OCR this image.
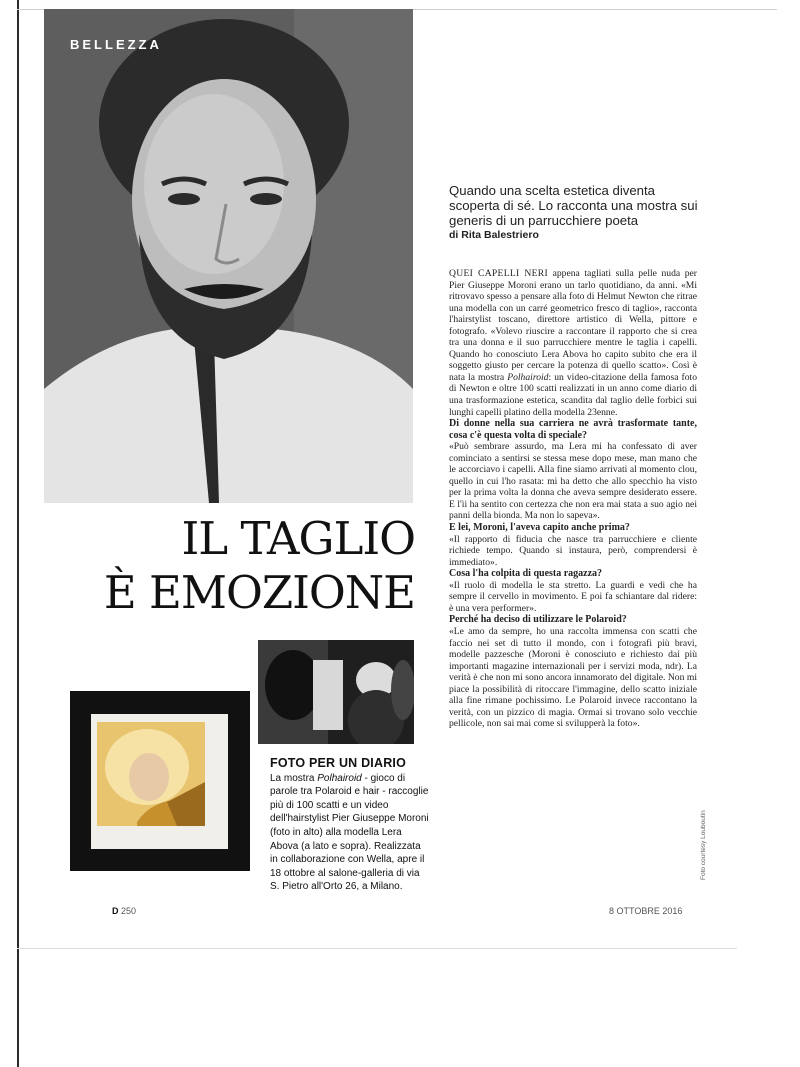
BELLEZZA
IL TAGLIO
È EMOZIONE
FOTO PER UN DIARIO
La mostra Polhairoid - gioco di parole tra Polaroid e hair - raccoglie più di 100 scatti e un video dell'hairstylist Pier Giuseppe Moroni (foto in alto) alla modella Lera Abova (a lato e sopra). Realizzata in collaborazione con Wella, apre il 18 ottobre al salone-galleria di via S. Pietro all'Orto 26, a Milano.
Quando una scelta estetica diventa scoperta di sé. Lo racconta una mostra sui generis di un parrucchiere poeta
di Rita Balestriero

QUEI CAPELLI NERI appena tagliati sulla pelle nuda per Pier Giuseppe Moroni erano un tarlo quotidiano, da anni. «Mi ritrovavo spesso a pensare alla foto di Helmut Newton che ritrae una modella con un carré geometrico fresco di taglio», racconta l'hairstylist toscano, direttore artistico di Wella, pittore e fotografo. «Volevo riuscire a raccontare il rapporto che si crea tra una donna e il suo parrucchiere mentre le taglia i capelli. Quando ho conosciuto Lera Abova ho capito subito che era il soggetto giusto per cercare la potenza di quello scatto». Così è nata la mostra Polhairoid: un video-citazione della famosa foto di Newton e oltre 100 scatti realizzati in un anno come diario di una trasformazione estetica, scandita dal taglio delle forbici sui lunghi capelli platino della modella 23enne.

Di donne nella sua carriera ne avrà trasformate tante, cosa c'è questa volta di speciale?

«Può sembrare assurdo, ma Lera mi ha confessato di aver cominciato a sentirsi se stessa mese dopo mese, man mano che le accorciavo i capelli. Alla fine siamo arrivati al momento clou, quello in cui l'ho rasata: mi ha detto che allo specchio ha visto per la prima volta la donna che aveva sempre desiderato essere. E l'ìi ha sentito con certezza che non era mai stata a suo agio nei panni della bionda. Ma non lo sapeva».

E lei, Moroni, l'aveva capito anche prima?

«Il rapporto di fiducia che nasce tra parrucchiere e cliente richiede tempo. Quando si instaura, però, comprendersi è immediato».

Cosa l'ha colpita di questa ragazza?

«Il ruolo di modella le sta stretto. La guardi e vedi che ha sempre il cervello in movimento. E poi fa schiantare dal ridere: è una vera performer».

Perché ha deciso di utilizzare le Polaroid?

«Le amo da sempre, ho una raccolta immensa con scatti che faccio nei set di tutto il mondo, con i fotografi più bravi, modelle pazzesche (Moroni è conosciuto e richiesto dai più importanti magazine internazionali per i servizi moda, ndr). La verità è che non mi sono ancora innamorato del digitale. Non mi piace la possibilità di ritoccare l'immagine, dello scatto iniziale alla fine rimane pochissimo. Le Polaroid invece raccontano la verità, con un pizzico di magia. Ormai si trovano solo vecchie pellicole, non sai mai come si svilupperà la foto».

Foto courtesy Louboutin
D 250	8 OTTOBRE 2016
